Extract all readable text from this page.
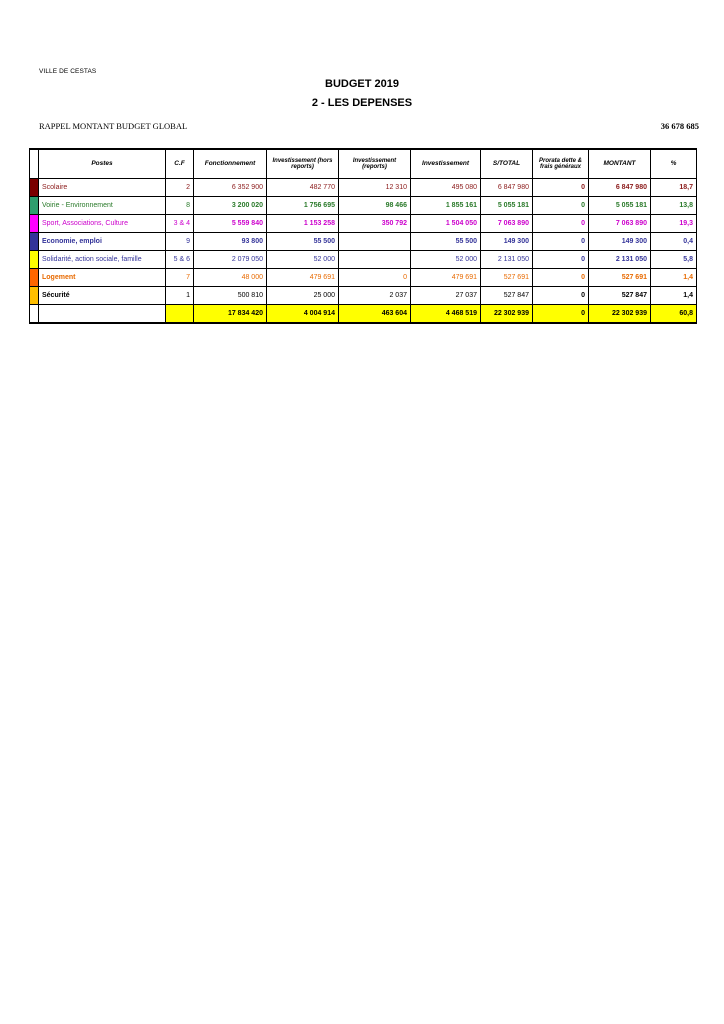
VILLE DE CESTAS
BUDGET 2019
2 - LES DEPENSES
RAPPEL MONTANT BUDGET GLOBAL	36 678 685
	Postes	C.F	Fonctionnement	Investissement (hors reports)	Investissement (reports)	Investissement	S/TOTAL	Prorata dette & frais généraux	MONTANT	%

	Scolaire	2	6 352 900	482 770	12 310	495 080	6 847 980	0	6 847 980	18,7

	Voirie - Environnement	8	3 200 020	1 756 695	98 466	1 855 161	5 055 181	0	5 055 181	13,8

	Sport, Associations, Culture	3 & 4	5 559 840	1 153 258	350 792	1 504 050	7 063 890	0	7 063 890	19,3

	Economie, emploi	9	93 800	55 500		55 500	149 300	0	149 300	0,4

	Solidarité, action sociale, famille	5 & 6	2 079 050	52 000		52 000	2 131 050	0	2 131 050	5,8

	Logement	7	48 000	479 691	0	479 691	527 691	0	527 691	1,4

	Sécurité	1	500 810	25 000	2 037	27 037	527 847	0	527 847	1,4
			17 834 420	4 004 914	463 604	4 468 519	22 302 939	0	22 302 939	60,8
